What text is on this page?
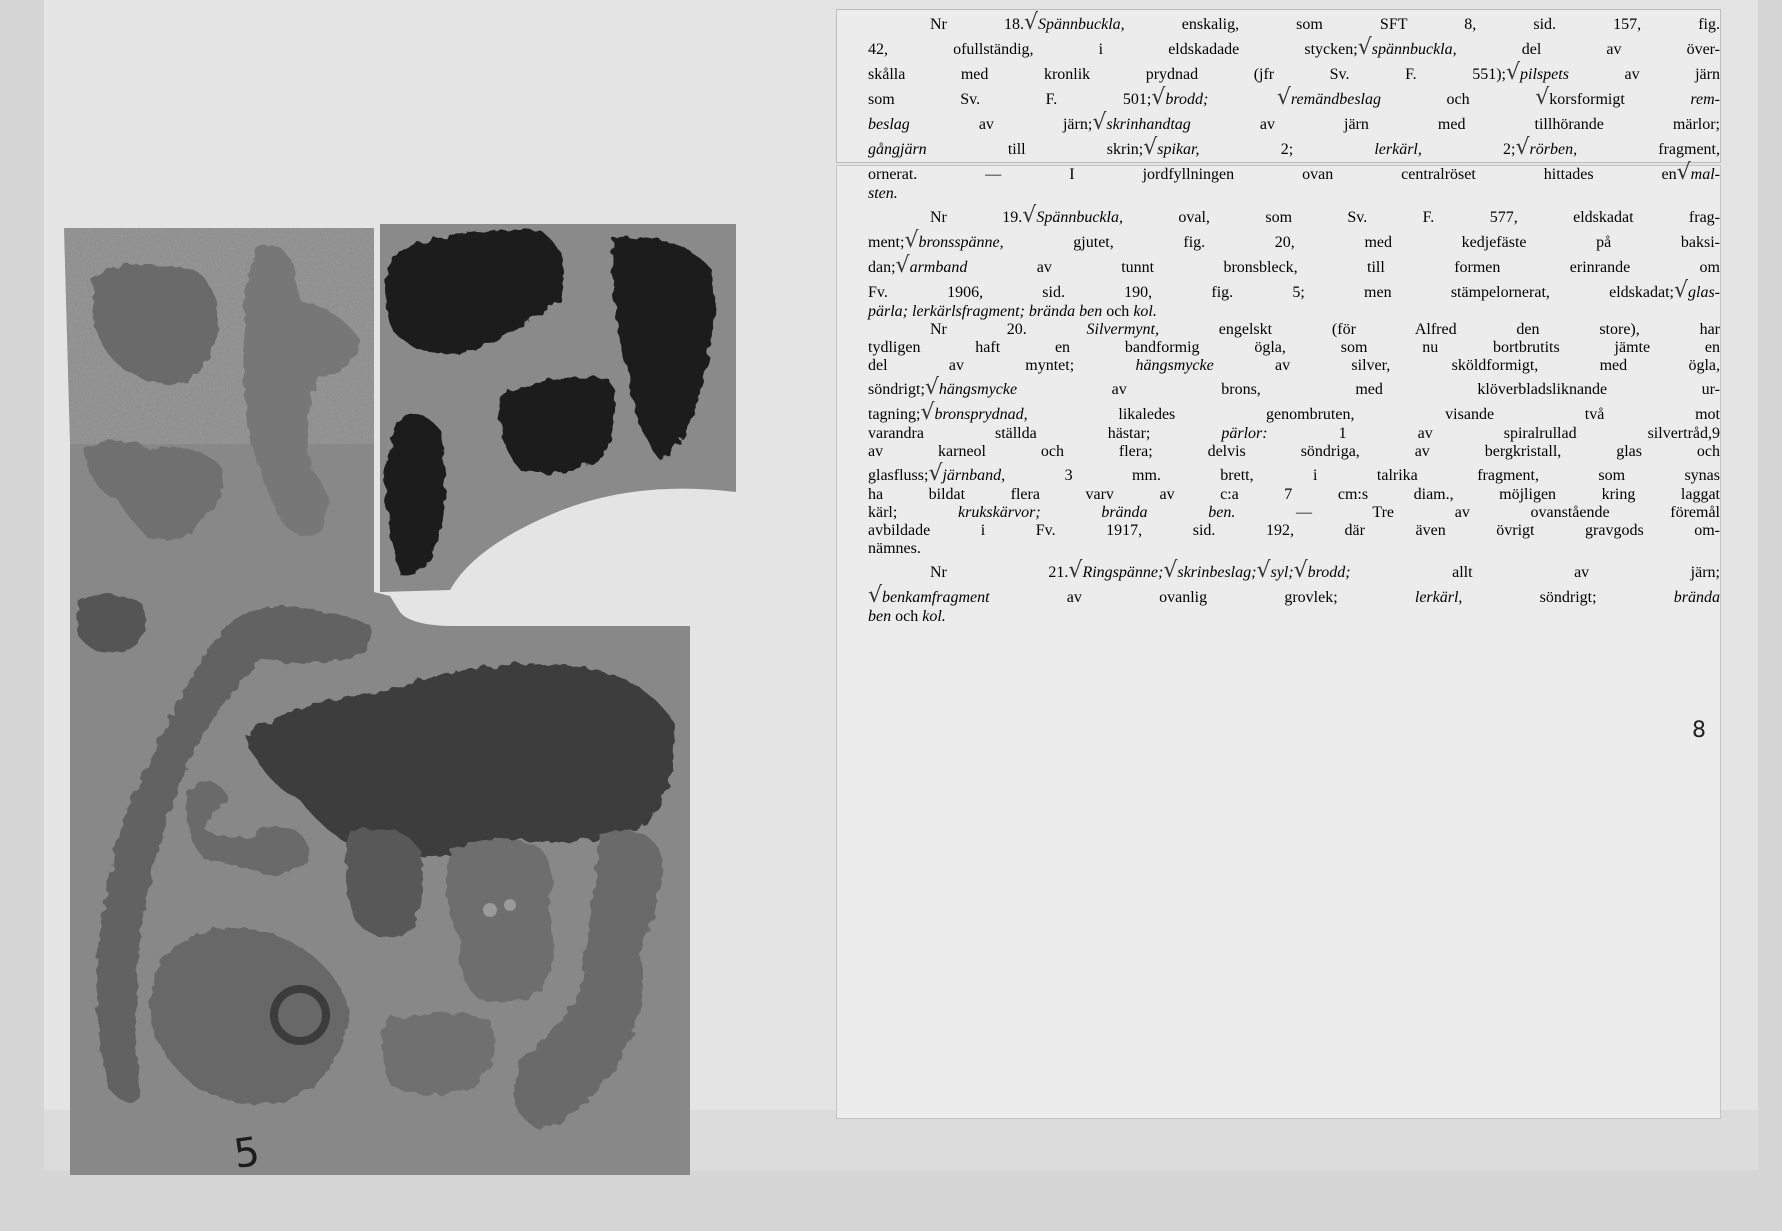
5

Nr 18.√Spännbuckla, enskalig, som SFT 8, sid. 157, fig.

42, ofullständig, i eldskadade stycken;√spännbuckla, del av över-

skålla med kronlik prydnad (jfr Sv. F. 551);√pilspets av järn

som Sv. F. 501;√brodd; √remändbeslag och √korsformigt rem-

beslag av järn;√skrinhandtag av järn med tillhörande märlor;

gångjärn till skrin;√spikar, 2; lerkärl, 2;√rörben, fragment,

ornerat. — I jordfyllningen ovan centralröset hittades en√mal-

sten.

Nr 19.√Spännbuckla, oval, som Sv. F. 577, eldskadat frag-

ment;√bronsspänne, gjutet, fig. 20, med kedjefäste på baksi-

dan;√armband av tunnt bronsbleck, till formen erinrande om

Fv. 1906, sid. 190, fig. 5; men stämpelornerat, eldskadat;√glas-

pärla; lerkärlsfragment; brända ben och kol.

Nr 20.	Silvermynt, engelskt (för Alfred den store), har

tydligen haft en bandformig ögla, som nu bortbrutits jämte en

del av myntet; hängsmycke av silver, sköldformigt, med ögla,

söndrigt;√hängsmycke av brons, med klöverbladsliknande ur-

tagning;√bronsprydnad, likaledes genombruten, visande två mot

varandra ställda hästar; pärlor: 1 av spiralrullad silvertråd,9

av karneol och flera; delvis söndriga, av bergkristall, glas och

glasfluss;√järnband, 3 mm. brett, i talrika fragment, som synas

ha bildat flera varv av c:a 7 cm:s diam., möjligen kring laggat

kärl; krukskärvor; brända ben. — Tre av ovanstående föremål

avbildade i Fv. 1917, sid. 192, där även övrigt gravgods om-

nämnes.

Nr 21.√Ringspänne;√skrinbeslag;√syl;√brodd; allt av järn;

√benkamfragment av ovanlig grovlek; lerkärl, söndrigt; brända

ben och kol.

8
